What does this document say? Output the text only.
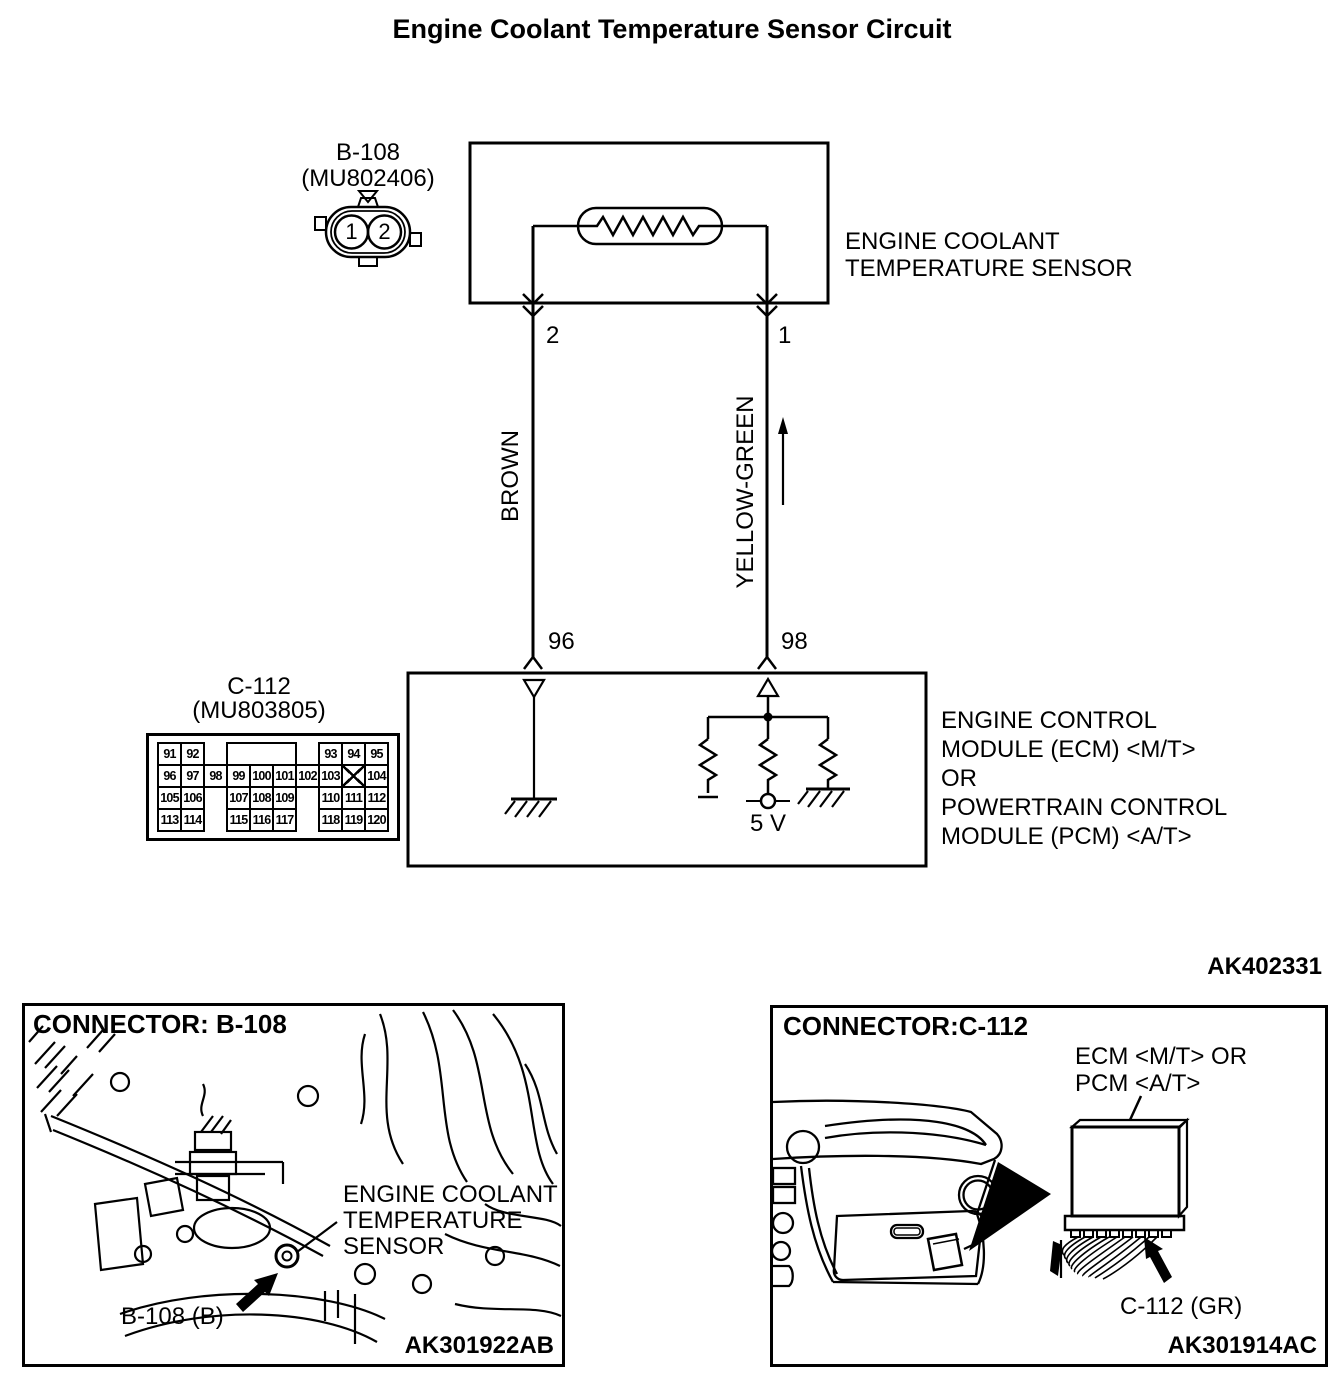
Engine Coolant Temperature Sensor Circuit
B-108
(MU802406)
1 2	ENGINE COOLANT
TEMPERATURE SENSOR
2	1
BROWN	YELLOW-GREEN
96	98
ENGINE CONTROL
MODULE (ECM) <M/T>
OR
POWERTRAIN CONTROL
MODULE (PCM) <A/T>
5 V
C-112
(MU803805)
91	92						93	94	95
96	97	98	99	100	101	102	103		104
105	106		107	108	109		110	111	112
113	114		115	116	117		118	119	120
AK402331
CONNECTOR: B-108
ENGINE COOLANT
TEMPERATURE
SENSOR
B-108 (B)
AK301922AB
CONNECTOR:C-112
ECM <M/T> OR
PCM <A/T>
C-112 (GR)
AK301914AC
